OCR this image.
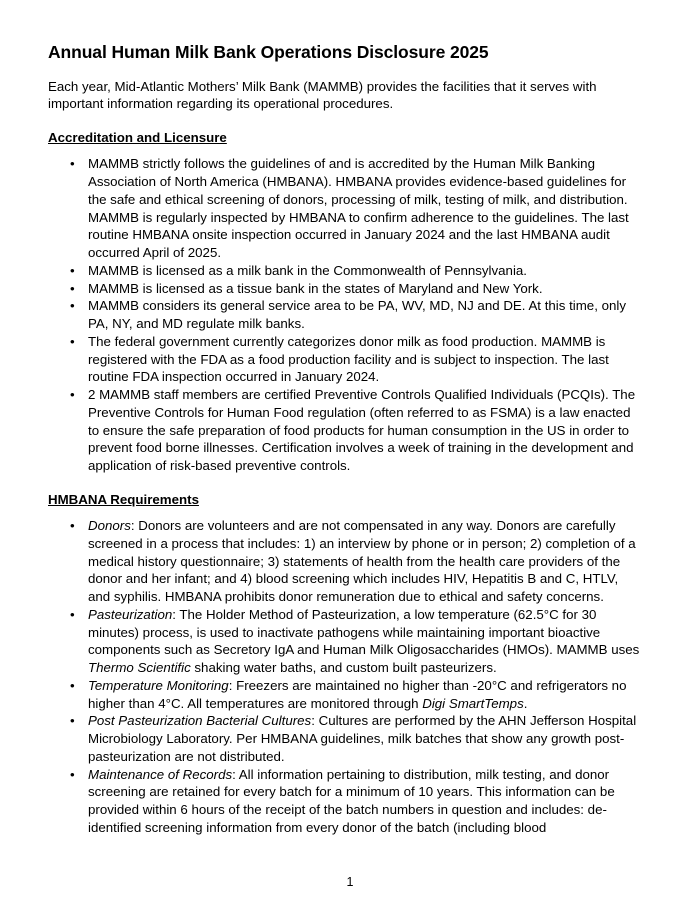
Annual Human Milk Bank Operations Disclosure 2025

Each year, Mid-Atlantic Mothers’ Milk Bank (MAMMB) provides the facilities that it serves with important information regarding its operational procedures.

Accreditation and Licensure
• MAMMB strictly follows the guidelines of and is accredited by the Human Milk Banking Association of North America (HMBANA). HMBANA provides evidence-based guidelines for the safe and ethical screening of donors, processing of milk, testing of milk, and distribution. MAMMB is regularly inspected by HMBANA to confirm adherence to the guidelines. The last routine HMBANA onsite inspection occurred in January 2024 and the last HMBANA audit occurred April of 2025.
• MAMMB is licensed as a milk bank in the Commonwealth of Pennsylvania.
• MAMMB is licensed as a tissue bank in the states of Maryland and New York.
• MAMMB considers its general service area to be PA, WV, MD, NJ and DE. At this time, only PA, NY, and MD regulate milk banks.
• The federal government currently categorizes donor milk as food production. MAMMB is registered with the FDA as a food production facility and is subject to inspection. The last routine FDA inspection occurred in January 2024.
• 2 MAMMB staff members are certified Preventive Controls Qualified Individuals (PCQIs). The Preventive Controls for Human Food regulation (often referred to as FSMA) is a law enacted to ensure the safe preparation of food products for human consumption in the US in order to prevent food borne illnesses. Certification involves a week of training in the development and application of risk-based preventive controls.
HMBANA Requirements
• Donors: Donors are volunteers and are not compensated in any way. Donors are carefully screened in a process that includes: 1) an interview by phone or in person; 2) completion of a medical history questionnaire; 3) statements of health from the health care providers of the donor and her infant; and 4) blood screening which includes HIV, Hepatitis B and C, HTLV, and syphilis. HMBANA prohibits donor remuneration due to ethical and safety concerns.
• Pasteurization: The Holder Method of Pasteurization, a low temperature (62.5°C for 30 minutes) process, is used to inactivate pathogens while maintaining important bioactive components such as Secretory IgA and Human Milk Oligosaccharides (HMOs). MAMMB uses Thermo Scientific shaking water baths, and custom built pasteurizers.
• Temperature Monitoring: Freezers are maintained no higher than -20°C and refrigerators no higher than 4°C. All temperatures are monitored through Digi SmartTemps.
• Post Pasteurization Bacterial Cultures: Cultures are performed by the AHN Jefferson Hospital Microbiology Laboratory. Per HMBANA guidelines, milk batches that show any growth post-pasteurization are not distributed.
• Maintenance of Records: All information pertaining to distribution, milk testing, and donor screening are retained for every batch for a minimum of 10 years. This information can be provided within 6 hours of the receipt of the batch numbers in question and includes: de-identified screening information from every donor of the batch (including blood
1
